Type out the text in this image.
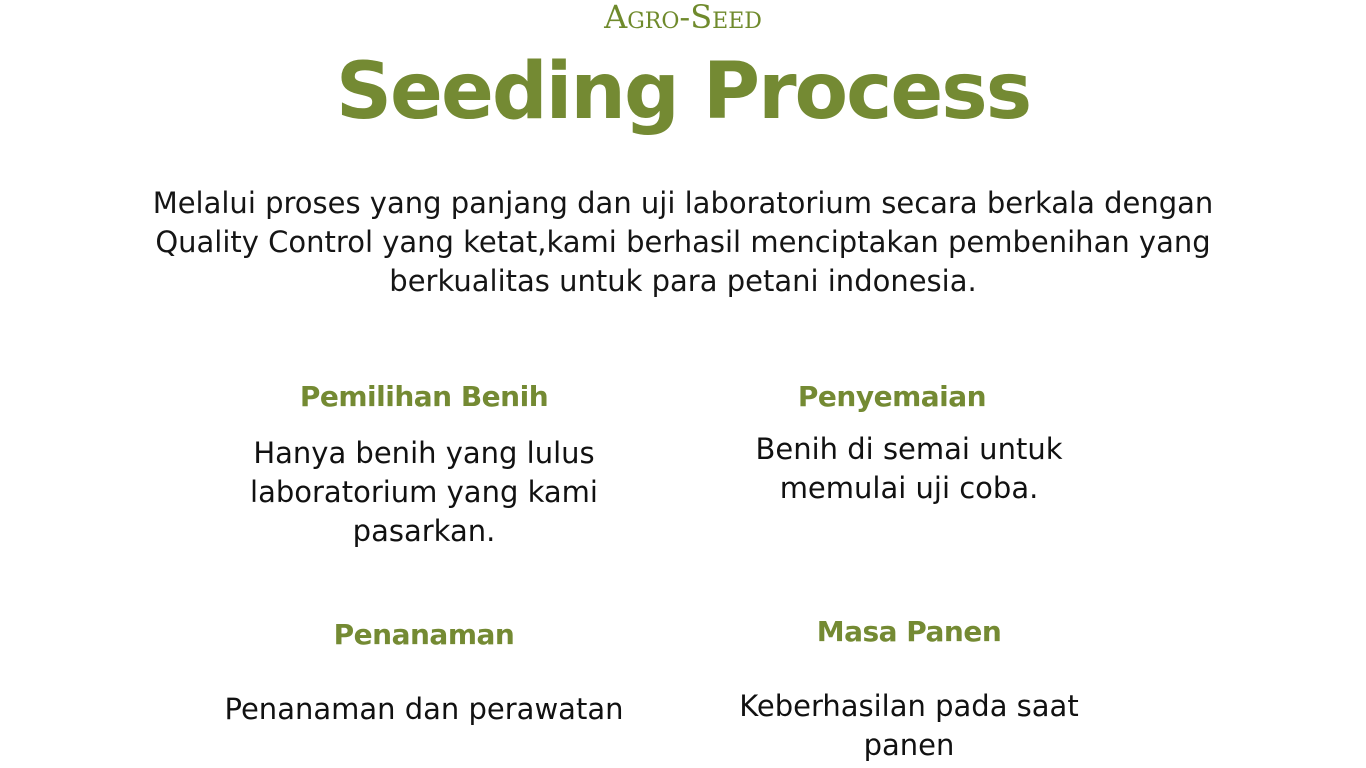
Agro-Seed
Seeding Process
Melalui proses yang panjang dan uji laboratorium secara berkala dengan Quality Control yang ketat,kami berhasil menciptakan pembenihan yang berkualitas untuk para petani indonesia.
Pemilihan Benih
Hanya benih yang lulus laboratorium yang kami pasarkan.
Penyemaian
Benih di semai untuk memulai uji coba.
Penanaman
Penanaman dan perawatan
Masa Panen
Keberhasilan pada saat panen
